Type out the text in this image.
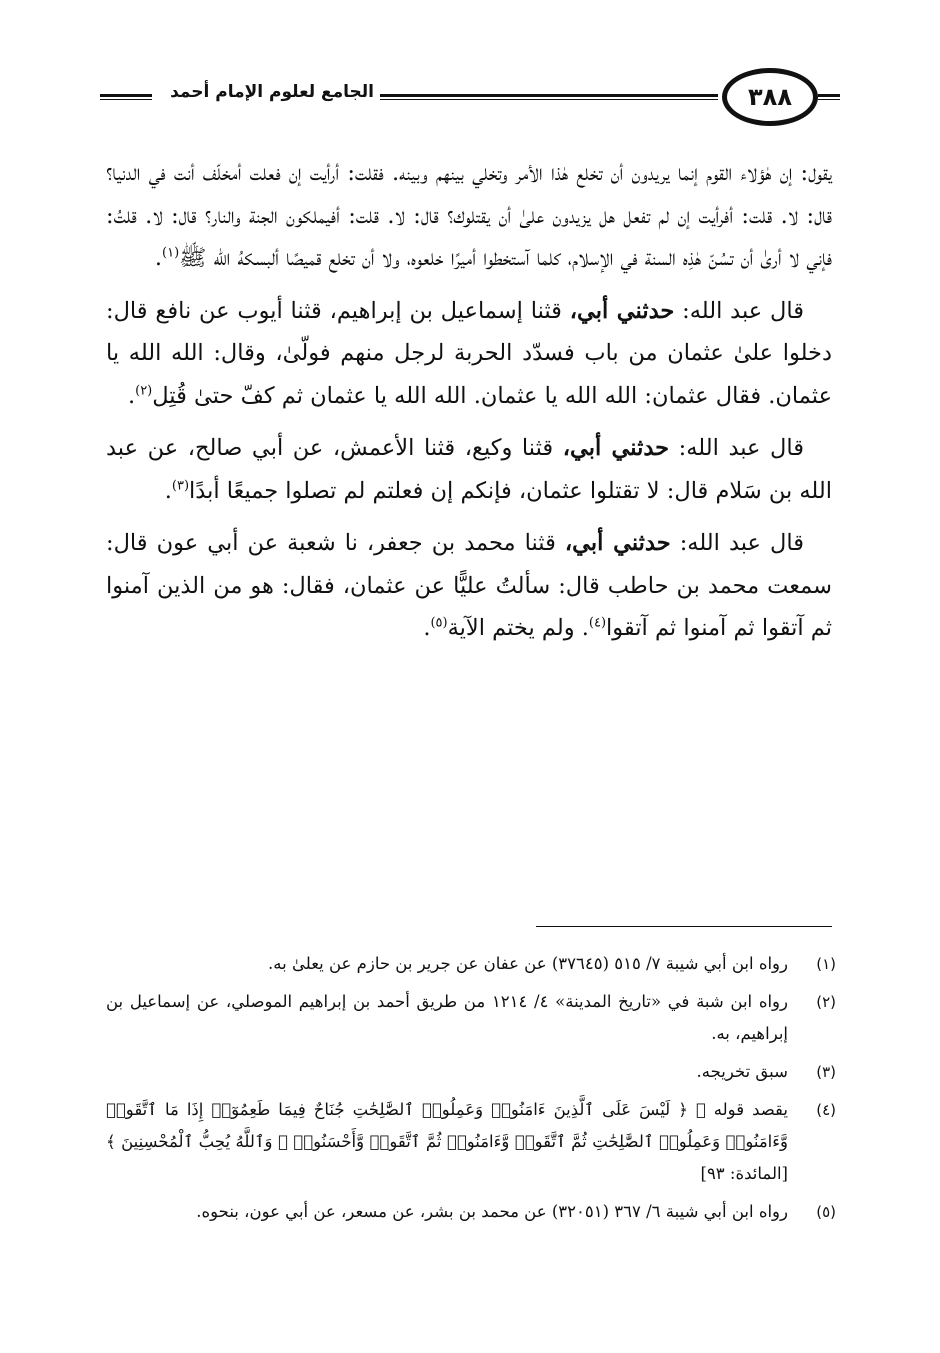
٣٨٨
الجامع لعلوم الإمام أحمد

يقول: إن هٰؤلاء القوم إنما يريدون أن تخلع هٰذا الأمر وتخلي بينهم وبينه. فقلت: أرأيت إن فعلت أمخلّف أنت في الدنيا؟ قال: لا. قلت: أفرأيت إن لم تفعل هل يزيدون علىٰ أن يقتلوك؟ قال: لا. قلت: أفيملكون الجنة والنار؟ قال: لا. قلتُ: فإني لا أرىٰ أن تسُنّ هٰذِه السنة في الإسلام، كلما آستخطوا أميرًا خلعوه، ولا أن تخلع قميصًا ألبسكهُ الله ﷺ$^{(١)}$.

قال عبد الله: حدثني أبي، قثنا إسماعيل بن إبراهيم، قثنا أيوب عن نافع قال: دخلوا علىٰ عثمان من باب فسدّد الحربة لرجل منهم فولّىٰ، وقال: الله الله يا عثمان. فقال عثمان: الله الله يا عثمان. الله الله يا عثمان ثم كفّ حتىٰ قُتِل$^{(٢)}$.

قال عبد الله: حدثني أبي، قثنا وكيع، قثنا الأعمش، عن أبي صالح، عن عبد الله بن سَلام قال: لا تقتلوا عثمان، فإنكم إن فعلتم لم تصلوا جميعًا أبدًا$^{(٣)}$.

قال عبد الله: حدثني أبي، قثنا محمد بن جعفر، نا شعبة عن أبي عون قال: سمعت محمد بن حاطب قال: سألتُ عليًّا عن عثمان، فقال: هو من الذين آمنوا ثم آتقوا ثم آمنوا ثم آتقوا$^{(٤)}$. ولم يختم الآية$^{(٥)}$.

(١)
رواه ابن أبي شيبة ٧/ ٥١٥ (٣٧٦٤٥) عن عفان عن جرير بن حازم عن يعلىٰ به.
(٢)
رواه ابن شبة في «تاريخ المدينة» ٤/ ١٢١٤ من طريق أحمد بن إبراهيم الموصلي، عن إسماعيل بن إبراهيم، به.
(٣)
سبق تخريجه.
(٤)
يقصد قوله ﷻ ﴿ لَيْسَ عَلَى ٱلَّذِينَ ءَامَنُوا۟ وَعَمِلُوا۟ ٱلصَّٰلِحَٰتِ جُنَاحٌ فِيمَا طَعِمُوٓا۟ إِذَا مَا ٱتَّقَوا۟ وَّءَامَنُوا۟ وَعَمِلُوا۟ ٱلصَّٰلِحَٰتِ ثُمَّ ٱتَّقَوا۟ وَّءَامَنُوا۟ ثُمَّ ٱتَّقَوا۟ وَّأَحْسَنُوا۟ ۗ وَٱللَّهُ يُحِبُّ ٱلْمُحْسِنِينَ ﴾ [المائدة: ٩٣]
(٥)
رواه ابن أبي شيبة ٦/ ٣٦٧ (٣٢٠٥١) عن محمد بن بشر، عن مسعر، عن أبي عون، بنحوه.
